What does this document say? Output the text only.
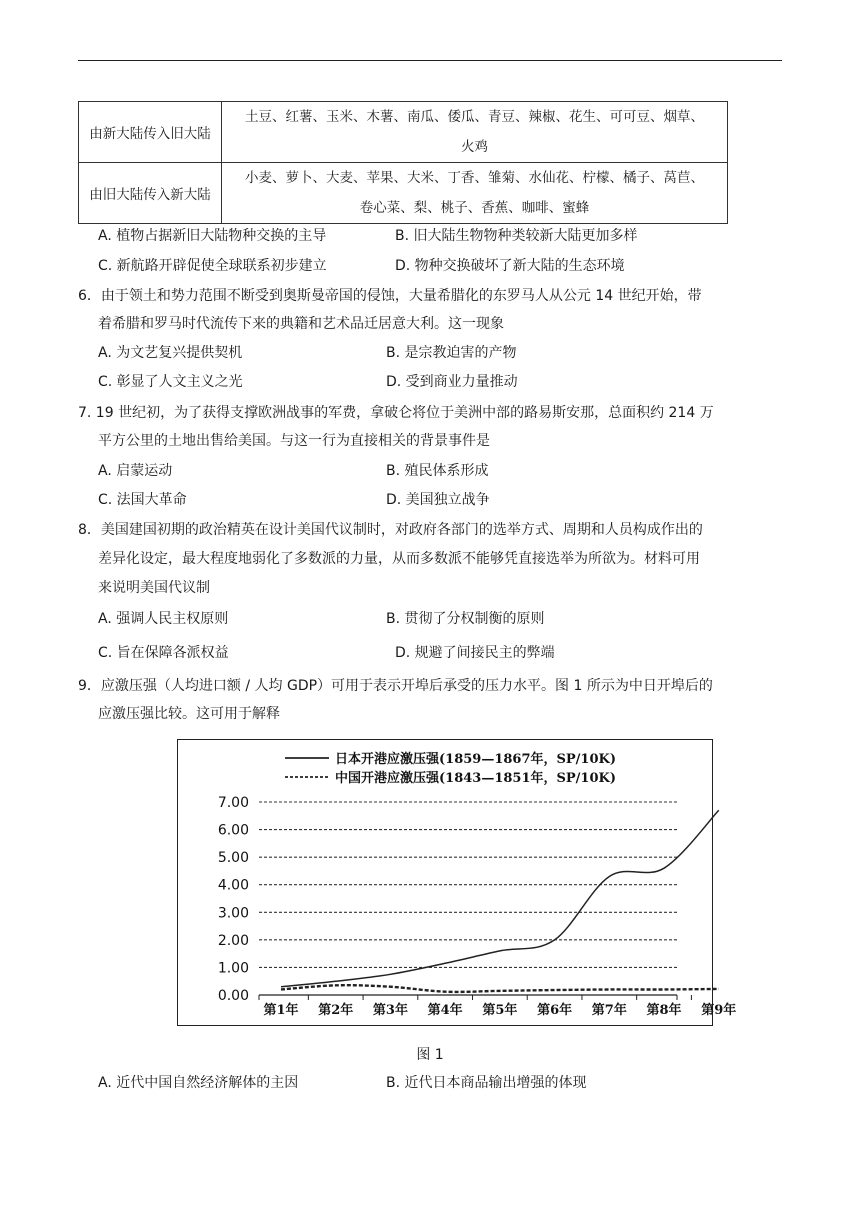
由新大陆传入旧大陆	土豆、红薯、玉米、木薯、南瓜、倭瓜、青豆、辣椒、花生、可可豆、烟草、
火鸡

由旧大陆传入新大陆	小麦、萝卜、大麦、苹果、大米、丁香、雏菊、水仙花、柠檬、橘子、莴苣、
卷心菜、梨、桃子、香蕉、咖啡、蜜蜂
A. 植物占据新旧大陆物种交换的主导	B. 旧大陆生物物种类较新大陆更加多样
C. 新航路开辟促使全球联系初步建立	D. 物种交换破坏了新大陆的生态环境
6．由于领土和势力范围不断受到奥斯曼帝国的侵蚀，大量希腊化的东罗马人从公元 14 世纪开始，带
着希腊和罗马时代流传下来的典籍和艺术品迁居意大利。这一现象
A. 为文艺复兴提供契机	B. 是宗教迫害的产物
C. 彰显了人文主义之光	D. 受到商业力量推动
7. 19 世纪初，为了获得支撑欧洲战事的军费，拿破仑将位于美洲中部的路易斯安那，总面积约 214 万
平方公里的土地出售给美国。与这一行为直接相关的背景事件是
A. 启蒙运动	B. 殖民体系形成
C. 法国大革命	D. 美国独立战争
8．美国建国初期的政治精英在设计美国代议制时，对政府各部门的选举方式、周期和人员构成作出的
差异化设定，最大程度地弱化了多数派的力量，从而多数派不能够凭直接选举为所欲为。材料可用
来说明美国代议制
A. 强调人民主权原则	B. 贯彻了分权制衡的原则
C. 旨在保障各派权益	D. 规避了间接民主的弊端
9．应激压强（人均进口额 / 人均 GDP）可用于表示开埠后承受的压力水平。图 1 所示为中日开埠后的
应激压强比较。这可用于解释
0.00
1.00
2.00
3.00
4.00
5.00
6.00
7.00
第1年 第2年 第3年 第4年 第5年 第6年 第7年 第8年 第9年
日本开港应激压强(1859—1867年，SP/10K)
中国开港应激压强(1843—1851年，SP/10K)
图 1
A. 近代中国自然经济解体的主因	B. 近代日本商品输出增强的体现
